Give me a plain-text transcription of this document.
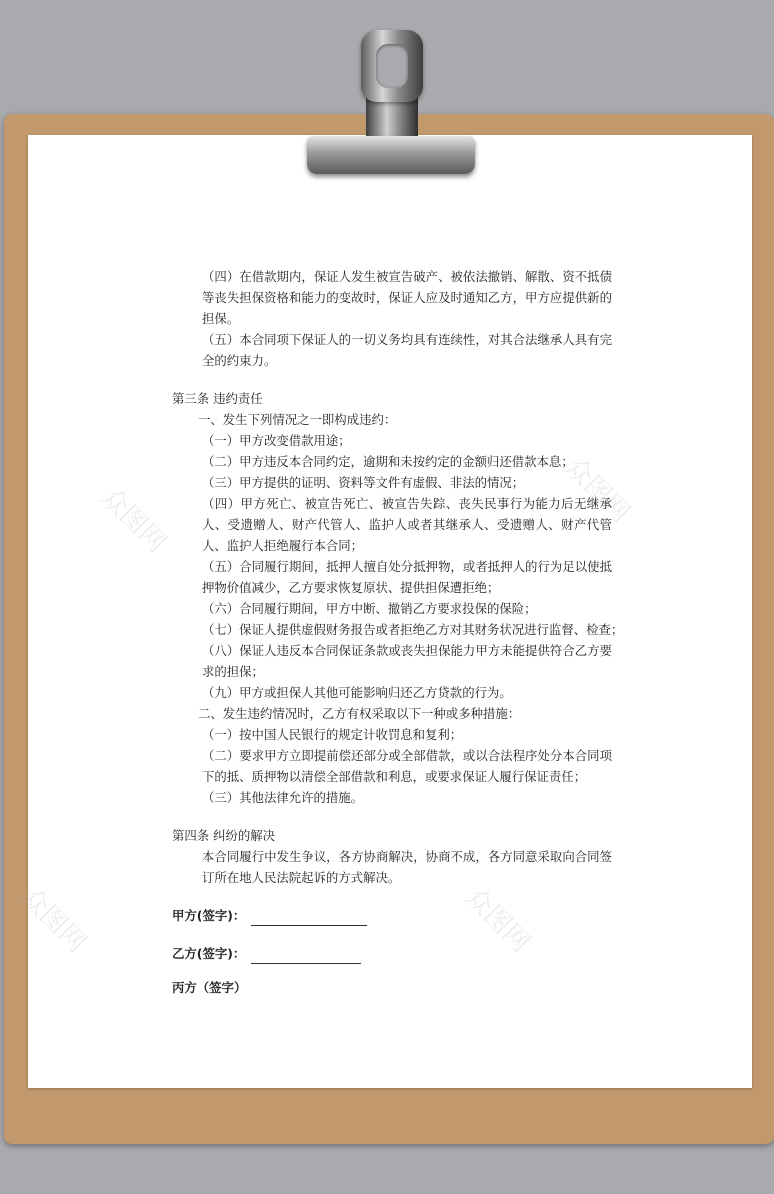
众图网	众图网
众图网	众图网

（四）在借款期内，保证人发生被宣告破产、被依法撤销、解散、资不抵债等丧失担保资格和能力的变故时，保证人应及时通知乙方，甲方应提供新的担保。

（五）本合同项下保证人的一切义务均具有连续性，对其合法继承人具有完全的约束力。

第三条 违约责任

一、发生下列情况之一即构成违约：

（一）甲方改变借款用途；

（二）甲方违反本合同约定，逾期和未按约定的金额归还借款本息；

（三）甲方提供的证明、资料等文件有虚假、非法的情况；

（四）甲方死亡、被宣告死亡、被宣告失踪、丧失民事行为能力后无继承人、受遗赠人、财产代管人、监护人或者其继承人、受遗赠人、财产代管人、监护人拒绝履行本合同；

（五）合同履行期间，抵押人擅自处分抵押物，或者抵押人的行为足以使抵押物价值减少，乙方要求恢复原状、提供担保遭拒绝；

（六）合同履行期间，甲方中断、撤销乙方要求投保的保险；

（七）保证人提供虚假财务报告或者拒绝乙方对其财务状况进行监督、检查；

（八）保证人违反本合同保证条款或丧失担保能力甲方未能提供符合乙方要求的担保；

（九）甲方或担保人其他可能影响归还乙方贷款的行为。

二、发生违约情况时，乙方有权采取以下一种或多种措施：

（一）按中国人民银行的规定计收罚息和复利；

（二）要求甲方立即提前偿还部分或全部借款，或以合法程序处分本合同项下的抵、质押物以清偿全部借款和利息，或要求保证人履行保证责任；

（三）其他法律允许的措施。

第四条 纠纷的解决

本合同履行中发生争议，各方协商解决，协商不成，各方同意采取向合同签订所在地人民法院起诉的方式解决。

甲方(签字)：
乙方(签字)：
丙方（签字）
